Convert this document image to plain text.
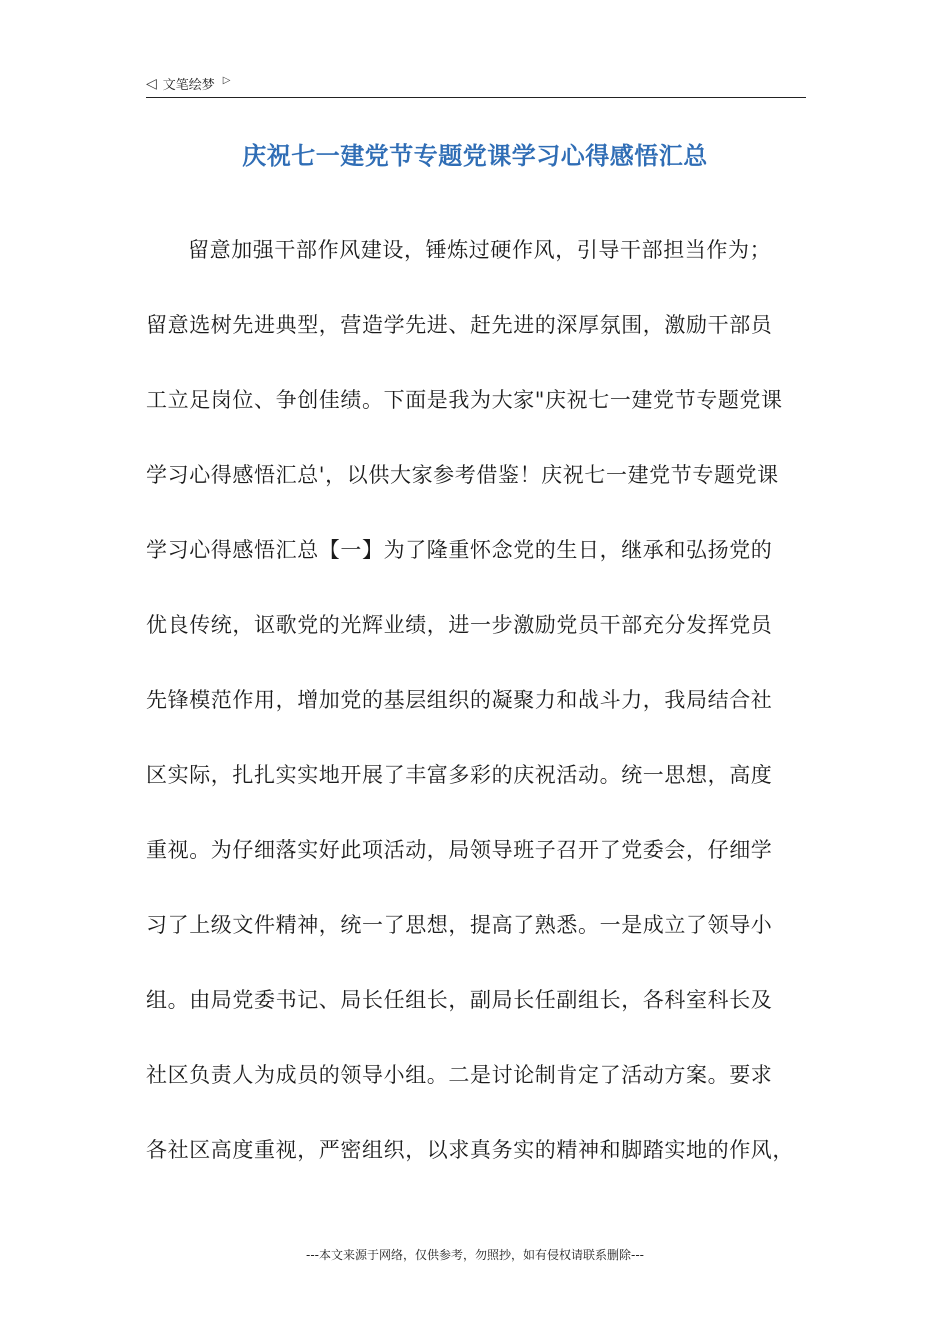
◁ 文笔绘梦 ▷
庆祝七一建党节专题党课学习心得感悟汇总
留意加强干部作风建设，锤炼过硬作风，引导干部担当作为；
留意选树先进典型，营造学先进、赶先进的深厚氛围，激励干部员
工立足岗位、争创佳绩。下面是我为大家"庆祝七一建党节专题党课
学习心得感悟汇总'，以供大家参考借鉴！庆祝七一建党节专题党课
学习心得感悟汇总【一】为了隆重怀念党的生日，继承和弘扬党的
优良传统，讴歌党的光辉业绩，进一步激励党员干部充分发挥党员
先锋模范作用，增加党的基层组织的凝聚力和战斗力，我局结合社
区实际，扎扎实实地开展了丰富多彩的庆祝活动。统一思想，高度
重视。为仔细落实好此项活动，局领导班子召开了党委会，仔细学
习了上级文件精神，统一了思想，提高了熟悉。一是成立了领导小
组。由局党委书记、局长任组长，副局长任副组长，各科室科长及
社区负责人为成员的领导小组。二是讨论制肯定了活动方案。要求
各社区高度重视，严密组织，以求真务实的精神和脚踏实地的作风，
---本文来源于网络，仅供参考，勿照抄，如有侵权请联系删除---
